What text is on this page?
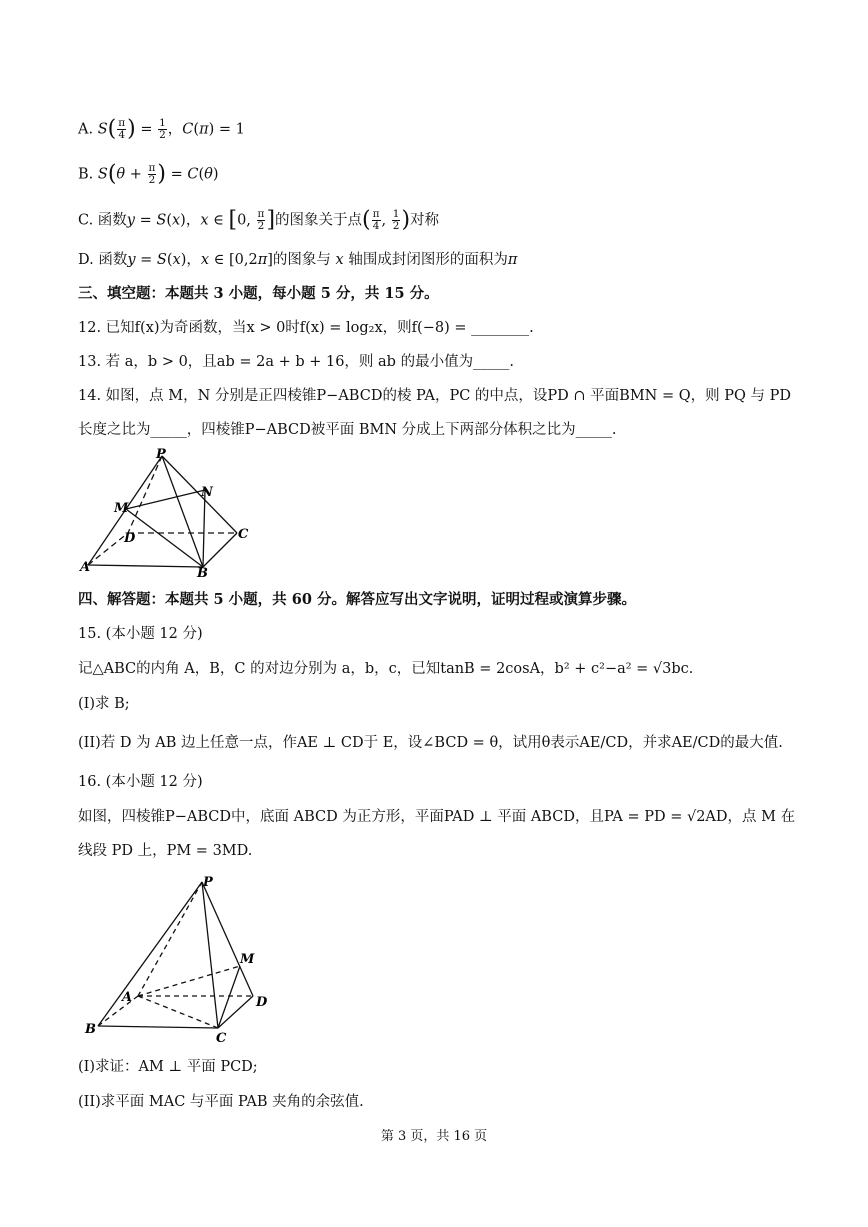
A. $S( \frac{\pi}{4}$ ) = $\frac{1}{2}$ ，C(π) = 1
B. $S(\theta + \frac{\pi}{2}$ ) = C(θ)
C. 函数y = S(x)，x ∈ [0, $\frac{\pi}{2}$ ]的图象关于点( $\frac{\pi}{4}$ , $\frac{1}{2}$ )对称
D. 函数y = S(x)，x ∈ [0,2π]的图象与 x 轴围成封闭图形的面积为π
三、填空题：本题共 3 小题，每小题 5 分，共 15 分。
12. 已知f(x)为奇函数，当x > 0时f(x) = log₂x，则f(−8) = ________.
13. 若 a，b > 0，且ab = 2a + b + 16，则 ab 的最小值为_____.
14. 如图，点 M，N 分别是正四棱锥P−ABCD的棱 PA，PC 的中点，设PD ∩ 平面BMN = Q，则 PQ 与 PD
长度之比为_____，四棱锥P−ABCD被平面 BMN 分成上下两部分体积之比为_____.
P
M
N
D	C
A	B
四、解答题：本题共 5 小题，共 60 分。解答应写出文字说明，证明过程或演算步骤。
15. (本小题 12 分)
记△ABC的内角 A，B，C 的对边分别为 a，b，c，已知tanB = 2cosA，b² + c²−a² = √3bc.
(I)求 B;
(II)若 D 为 AB 边上任意一点，作AE ⊥ CD于 E，设∠BCD = θ，试用θ表示AE/CD，并求AE/CD的最大值.
16. (本小题 12 分)
如图，四棱锥P−ABCD中，底面 ABCD 为正方形，平面PAD ⊥ 平面 ABCD，且PA = PD = √2AD，点 M 在
线段 PD 上，PM = 3MD.
P
M
A	D
B
C
(I)求证：AM ⊥ 平面 PCD;
(II)求平面 MAC 与平面 PAB 夹角的余弦值.
第 3 页，共 16 页
